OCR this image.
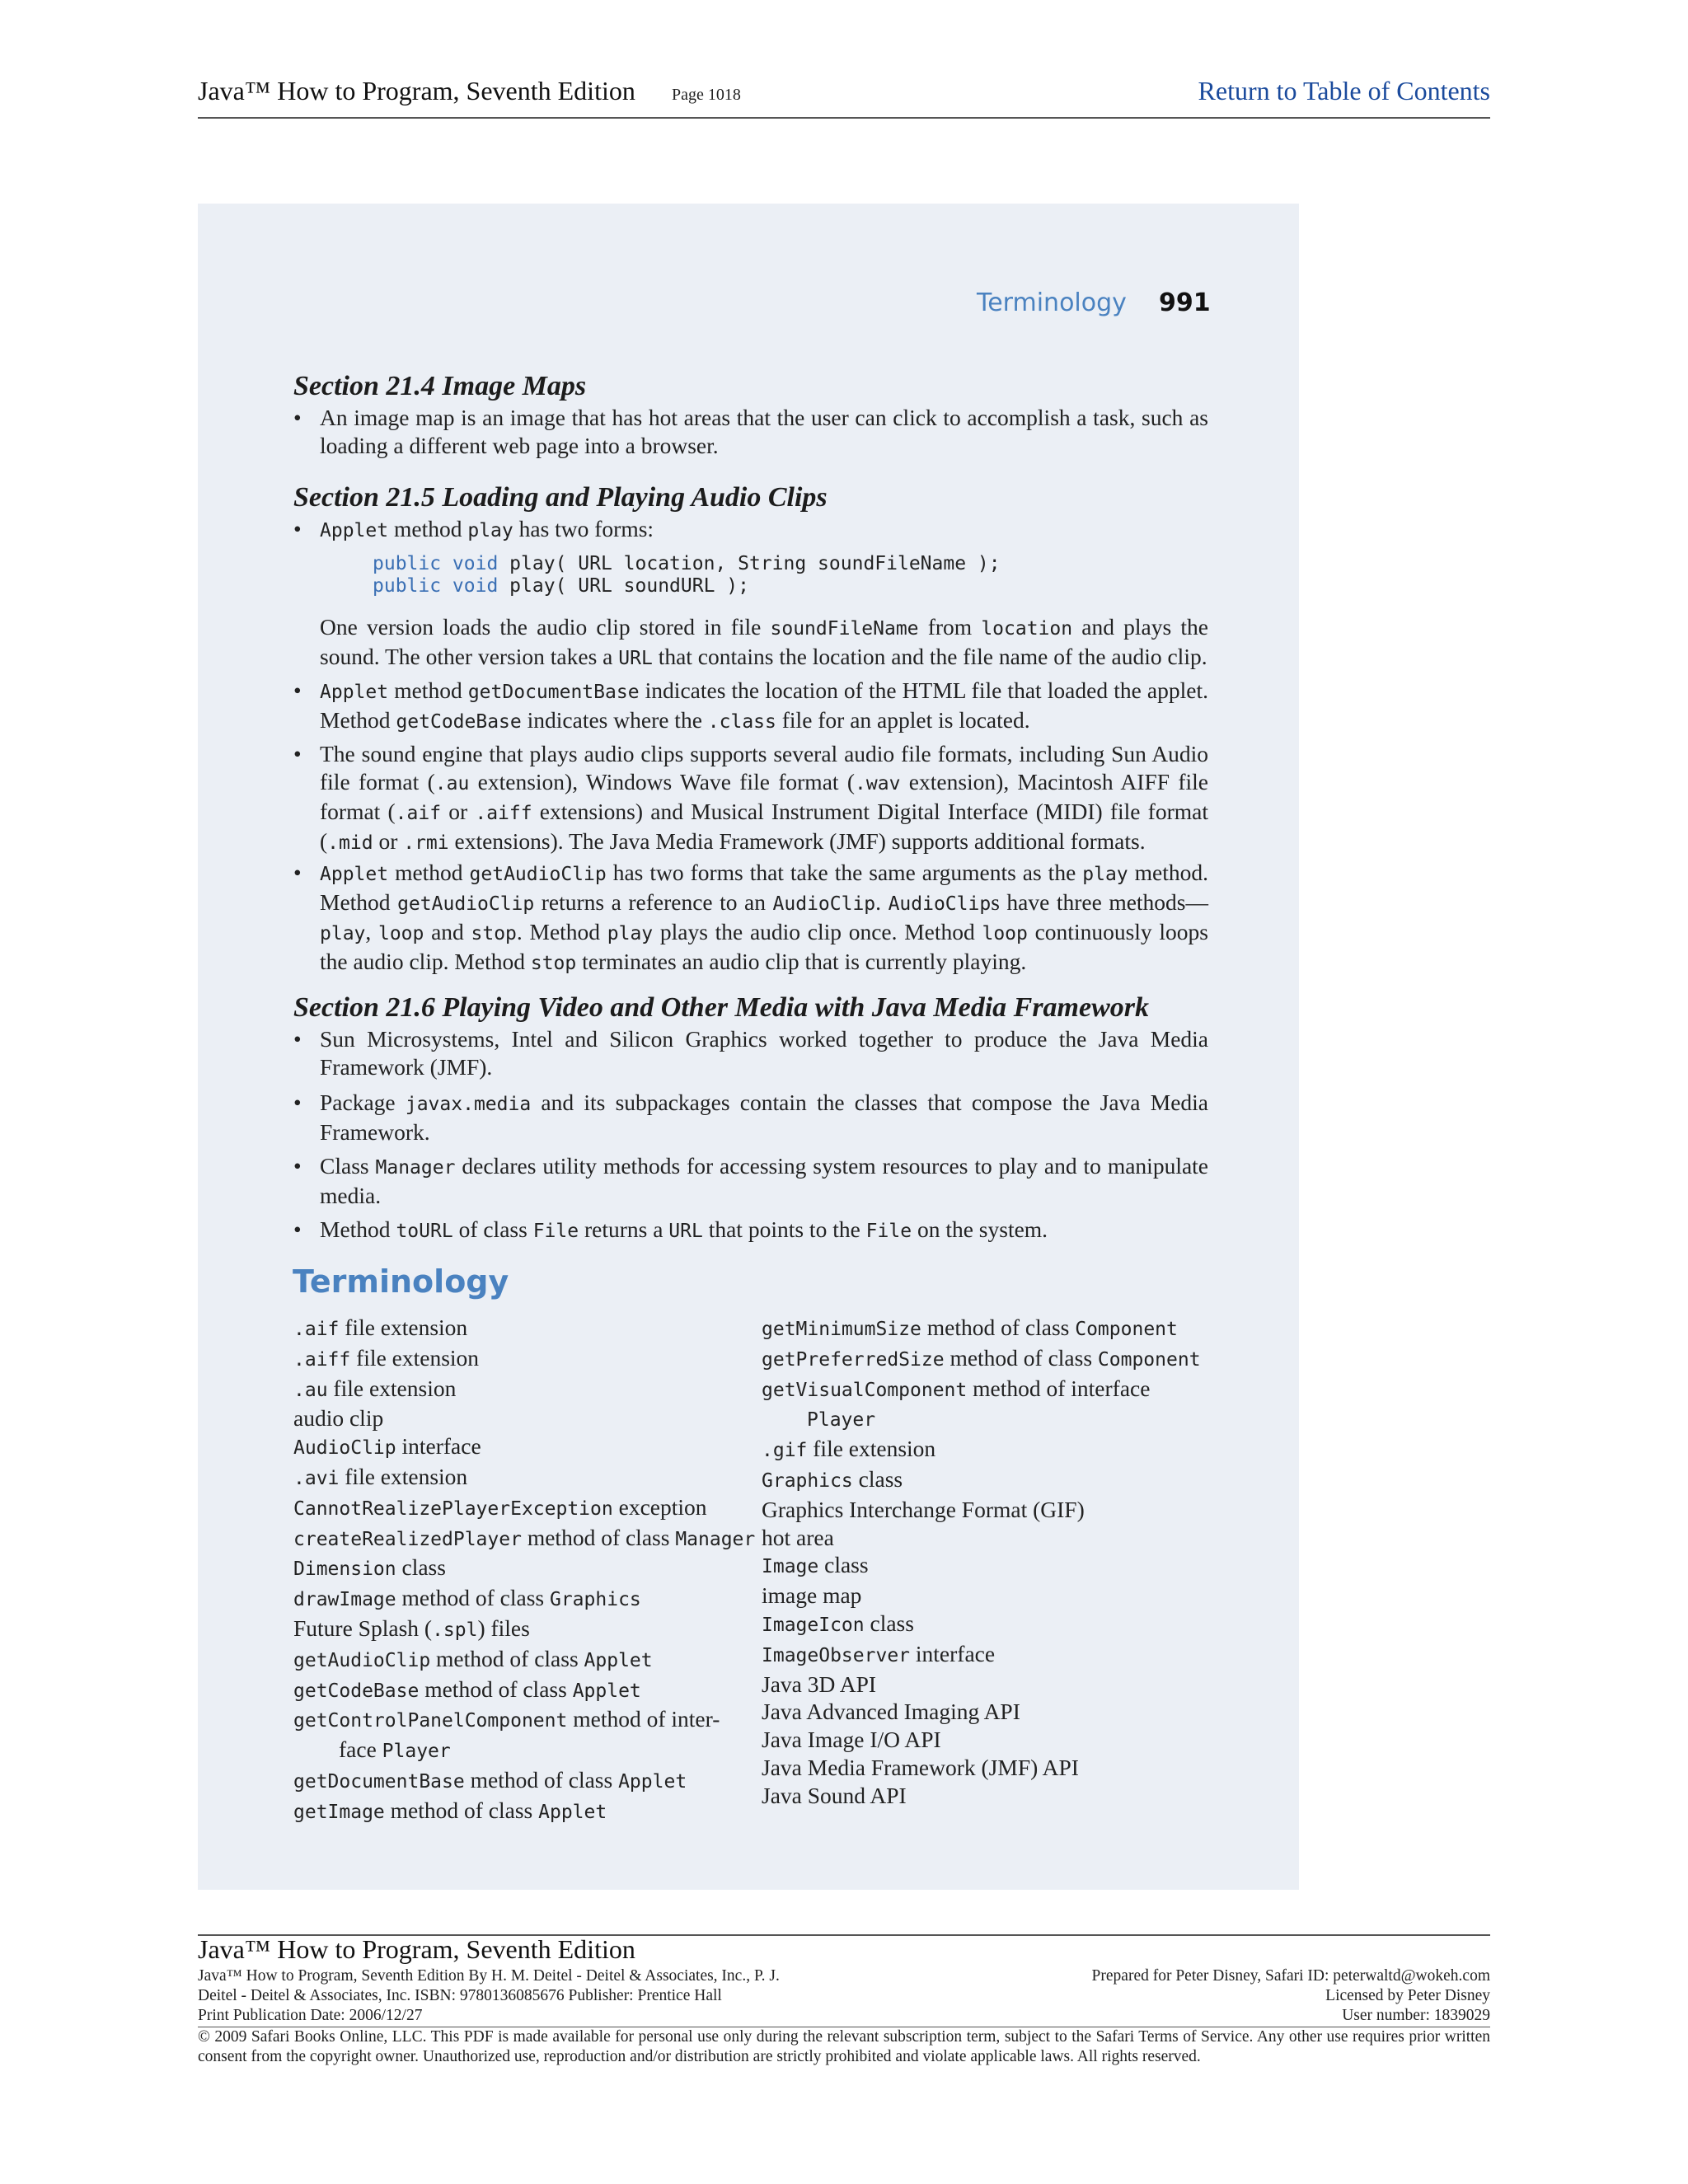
Java™ How to Program, Seventh Edition Page 1018	Return to Table of Contents
Terminology	991
Section 21.4 Image Maps
• An image map is an image that has hot areas that the user can click to accomplish a task, such as loading a different web page into a browser.
Section 21.5 Loading and Playing Audio Clips
• Applet method play has two forms:
public void play( URL location, String soundFileName );
public void play( URL soundURL );
One version loads the audio clip stored in file soundFileName from location and plays the sound. The other version takes a URL that contains the location and the file name of the audio clip.
• Applet method getDocumentBase indicates the location of the HTML file that loaded the applet. Method getCodeBase indicates where the .class file for an applet is located.
• The sound engine that plays audio clips supports several audio file formats, including Sun Audio file format (.au extension), Windows Wave file format (.wav extension), Macintosh AIFF file format (.aif or .aiff extensions) and Musical Instrument Digital Interface (MIDI) file format (.mid or .rmi extensions). The Java Media Framework (JMF) supports additional formats.
• Applet method getAudioClip has two forms that take the same arguments as the play method. Method getAudioClip returns a reference to an AudioClip. AudioClips have three methods—play, loop and stop. Method play plays the audio clip once. Method loop continuously loops the audio clip. Method stop terminates an audio clip that is currently playing.
Section 21.6 Playing Video and Other Media with Java Media Framework
• Sun Microsystems, Intel and Silicon Graphics worked together to produce the Java Media Framework (JMF).
• Package javax.media and its subpackages contain the classes that compose the Java Media Framework.
• Class Manager declares utility methods for accessing system resources to play and to manipulate media.
• Method toURL of class File returns a URL that points to the File on the system.
Terminology
.aif file extension
.aiff file extension
.au file extension
audio clip
AudioClip interface
.avi file extension
CannotRealizePlayerException exception
createRealizedPlayer method of class Manager
Dimension class
drawImage method of class Graphics
Future Splash (.spl) files
getAudioClip method of class Applet
getCodeBase method of class Applet
getControlPanelComponent method of inter-
face Player
getDocumentBase method of class Applet
getImage method of class Applet
getMinimumSize method of class Component
getPreferredSize method of class Component
getVisualComponent method of interface
Player
.gif file extension
Graphics class
Graphics Interchange Format (GIF)
hot area
Image class
image map
ImageIcon class
ImageObserver interface
Java 3D API
Java Advanced Imaging API
Java Image I/O API
Java Media Framework (JMF) API
Java Sound API
Java™ How to Program, Seventh Edition
Java™ How to Program, Seventh Edition By H. M. Deitel - Deitel & Associates, Inc., P. J.
Deitel - Deitel & Associates, Inc. ISBN: 9780136085676 Publisher: Prentice Hall
Print Publication Date: 2006/12/27
Prepared for Peter Disney, Safari ID: peterwaltd@wokeh.com
Licensed by Peter Disney
User number: 1839029
© 2009 Safari Books Online, LLC. This PDF is made available for personal use only during the relevant subscription term, subject to the Safari Terms of Service. Any other use requires prior written consent from the copyright owner. Unauthorized use, reproduction and/or distribution are strictly prohibited and violate applicable laws. All rights reserved.
